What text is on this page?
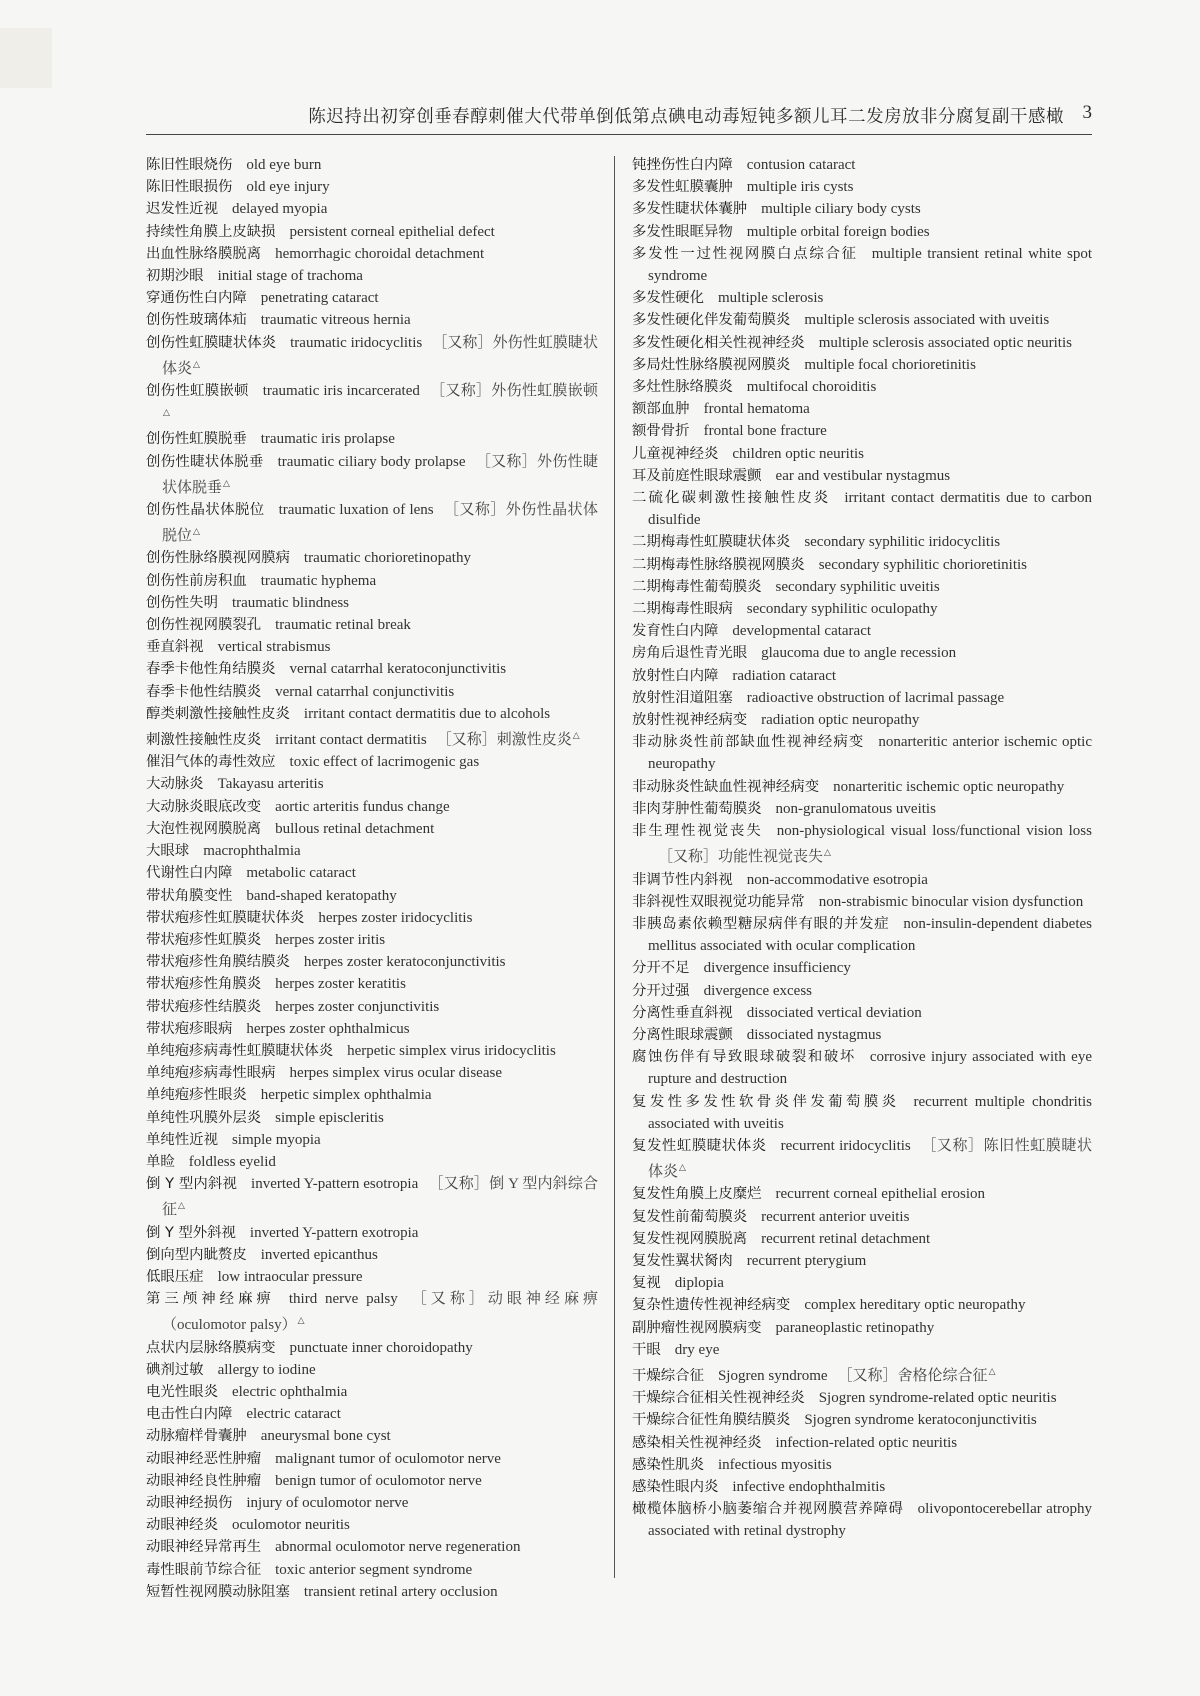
陈迟持出初穿创垂春醇刺催大代带单倒低第点碘电动毒短钝多额儿耳二发房放非分腐复副干感橄 3
陈旧性眼烧伤 old eye burn
陈旧性眼损伤 old eye injury
迟发性近视 delayed myopia
持续性角膜上皮缺损 persistent corneal epithelial defect
出血性脉络膜脱离 hemorrhagic choroidal detachment
初期沙眼 initial stage of trachoma
穿通伤性白内障 penetrating cataract
创伤性玻璃体疝 traumatic vitreous hernia
创伤性虹膜睫状体炎 traumatic iridocyclitis ［又称］外伤性虹膜睫状体炎△
创伤性虹膜嵌顿 traumatic iris incarcerated ［又称］外伤性虹膜嵌顿△
创伤性虹膜脱垂 traumatic iris prolapse
创伤性睫状体脱垂 traumatic ciliary body prolapse ［又称］外伤性睫状体脱垂△
创伤性晶状体脱位 traumatic luxation of lens ［又称］外伤性晶状体脱位△
创伤性脉络膜视网膜病 traumatic chorioretinopathy
创伤性前房积血 traumatic hyphema
创伤性失明 traumatic blindness
创伤性视网膜裂孔 traumatic retinal break
垂直斜视 vertical strabismus
春季卡他性角结膜炎 vernal catarrhal keratoconjunctivitis
春季卡他性结膜炎 vernal catarrhal conjunctivitis
醇类刺激性接触性皮炎 irritant contact dermatitis due to alcohols
刺激性接触性皮炎 irritant contact dermatitis ［又称］刺激性皮炎△
催泪气体的毒性效应 toxic effect of lacrimogenic gas
大动脉炎 Takayasu arteritis
大动脉炎眼底改变 aortic arteritis fundus change
大泡性视网膜脱离 bullous retinal detachment
大眼球 macrophthalmia
代谢性白内障 metabolic cataract
带状角膜变性 band-shaped keratopathy
带状疱疹性虹膜睫状体炎 herpes zoster iridocyclitis
带状疱疹性虹膜炎 herpes zoster iritis
带状疱疹性角膜结膜炎 herpes zoster keratoconjunctivitis
带状疱疹性角膜炎 herpes zoster keratitis
带状疱疹性结膜炎 herpes zoster conjunctivitis
带状疱疹眼病 herpes zoster ophthalmicus
单纯疱疹病毒性虹膜睫状体炎 herpetic simplex virus iridocyclitis
单纯疱疹病毒性眼病 herpes simplex virus ocular disease
单纯疱疹性眼炎 herpetic simplex ophthalmia
单纯性巩膜外层炎 simple episcleritis
单纯性近视 simple myopia
单睑 foldless eyelid
倒 Y 型内斜视 inverted Y-pattern esotropia ［又称］倒 Y 型内斜综合征△
倒 Y 型外斜视 inverted Y-pattern exotropia
倒向型内眦赘皮 inverted epicanthus
低眼压症 low intraocular pressure
第三颅神经麻痹 third nerve palsy ［又称］动眼神经麻痹（oculomotor palsy）△
点状内层脉络膜病变 punctuate inner choroidopathy
碘剂过敏 allergy to iodine
电光性眼炎 electric ophthalmia
电击性白内障 electric cataract
动脉瘤样骨囊肿 aneurysmal bone cyst
动眼神经恶性肿瘤 malignant tumor of oculomotor nerve
动眼神经良性肿瘤 benign tumor of oculomotor nerve
动眼神经损伤 injury of oculomotor nerve
动眼神经炎 oculomotor neuritis
动眼神经异常再生 abnormal oculomotor nerve regeneration
毒性眼前节综合征 toxic anterior segment syndrome
短暂性视网膜动脉阻塞 transient retinal artery occlusion
钝挫伤性白内障 contusion cataract
多发性虹膜囊肿 multiple iris cysts
多发性睫状体囊肿 multiple ciliary body cysts
多发性眼眶异物 multiple orbital foreign bodies
多发性一过性视网膜白点综合征 multiple transient retinal white spot syndrome
多发性硬化 multiple sclerosis
多发性硬化伴发葡萄膜炎 multiple sclerosis associated with uveitis
多发性硬化相关性视神经炎 multiple sclerosis associated optic neuritis
多局灶性脉络膜视网膜炎 multiple focal chorioretinitis
多灶性脉络膜炎 multifocal choroiditis
额部血肿 frontal hematoma
额骨骨折 frontal bone fracture
儿童视神经炎 children optic neuritis
耳及前庭性眼球震颤 ear and vestibular nystagmus
二硫化碳刺激性接触性皮炎 irritant contact dermatitis due to carbon disulfide
二期梅毒性虹膜睫状体炎 secondary syphilitic iridocyclitis
二期梅毒性脉络膜视网膜炎 secondary syphilitic chorioretinitis
二期梅毒性葡萄膜炎 secondary syphilitic uveitis
二期梅毒性眼病 secondary syphilitic oculopathy
发育性白内障 developmental cataract
房角后退性青光眼 glaucoma due to angle recession
放射性白内障 radiation cataract
放射性泪道阻塞 radioactive obstruction of lacrimal passage
放射性视神经病变 radiation optic neuropathy
非动脉炎性前部缺血性视神经病变 nonarteritic anterior ischemic optic neuropathy
非动脉炎性缺血性视神经病变 nonarteritic ischemic optic neuropathy
非肉芽肿性葡萄膜炎 non-granulomatous uveitis
非生理性视觉丧失 non-physiological visual loss/functional vision loss［又称］功能性视觉丧失△
非调节性内斜视 non-accommodative esotropia
非斜视性双眼视觉功能异常 non-strabismic binocular vision dysfunction
非胰岛素依赖型糖尿病伴有眼的并发症 non-insulin-dependent diabetes mellitus associated with ocular complication
分开不足 divergence insufficiency
分开过强 divergence excess
分离性垂直斜视 dissociated vertical deviation
分离性眼球震颤 dissociated nystagmus
腐蚀伤伴有导致眼球破裂和破坏 corrosive injury associated with eye rupture and destruction
复发性多发性软骨炎伴发葡萄膜炎 recurrent multiple chondritis associated with uveitis
复发性虹膜睫状体炎 recurrent iridocyclitis ［又称］陈旧性虹膜睫状体炎△
复发性角膜上皮糜烂 recurrent corneal epithelial erosion
复发性前葡萄膜炎 recurrent anterior uveitis
复发性视网膜脱离 recurrent retinal detachment
复发性翼状胬肉 recurrent pterygium
复视 diplopia
复杂性遗传性视神经病变 complex hereditary optic neuropathy
副肿瘤性视网膜病变 paraneoplastic retinopathy
干眼 dry eye
干燥综合征 Sjogren syndrome ［又称］舍格伦综合征△
干燥综合征相关性视神经炎 Sjogren syndrome-related optic neuritis
干燥综合征性角膜结膜炎 Sjogren syndrome keratoconjunctivitis
感染相关性视神经炎 infection-related optic neuritis
感染性肌炎 infectious myositis
感染性眼内炎 infective endophthalmitis
橄榄体脑桥小脑萎缩合并视网膜营养障碍 olivopontocerebellar atrophy associated with retinal dystrophy
